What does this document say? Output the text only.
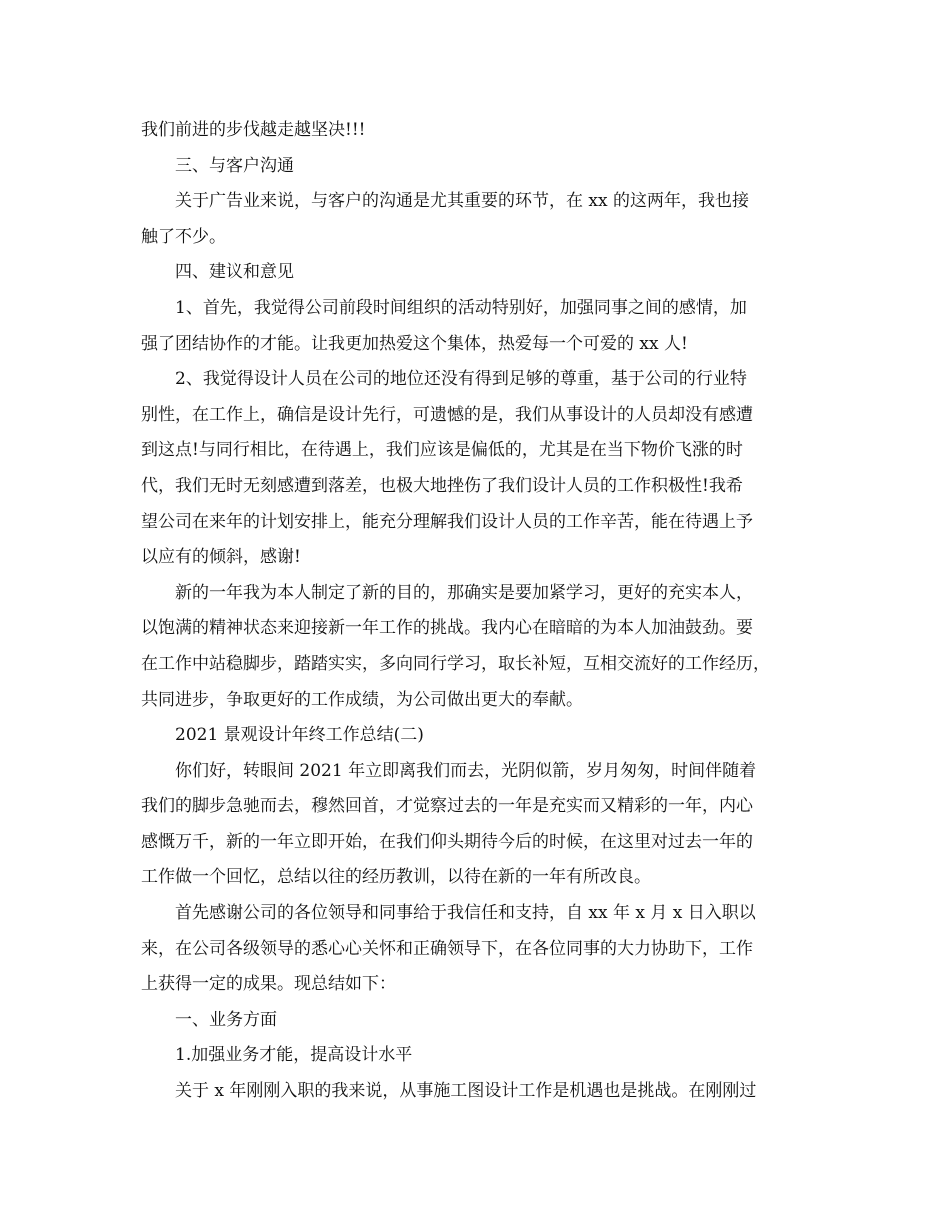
我们前进的步伐越走越坚决!!!
三、与客户沟通
关于广告业来说，与客户的沟通是尤其重要的环节，在 xx 的这两年，我也接
触了不少。
四、建议和意见
1、首先，我觉得公司前段时间组织的活动特别好，加强同事之间的感情，加
强了团结协作的才能。让我更加热爱这个集体，热爱每一个可爱的 xx 人!
2、我觉得设计人员在公司的地位还没有得到足够的尊重，基于公司的行业特
别性，在工作上，确信是设计先行，可遗憾的是，我们从事设计的人员却没有感遭
到这点!与同行相比，在待遇上，我们应该是偏低的，尤其是在当下物价飞涨的时
代，我们无时无刻感遭到落差，也极大地挫伤了我们设计人员的工作积极性!我希
望公司在来年的计划安排上，能充分理解我们设计人员的工作辛苦，能在待遇上予
以应有的倾斜，感谢!
新的一年我为本人制定了新的目的，那确实是要加紧学习，更好的充实本人，
以饱满的精神状态来迎接新一年工作的挑战。我内心在暗暗的为本人加油鼓劲。要
在工作中站稳脚步，踏踏实实，多向同行学习，取长补短，互相交流好的工作经历，
共同进步，争取更好的工作成绩，为公司做出更大的奉献。
2021 景观设计年终工作总结(二)
你们好，转眼间 2021 年立即离我们而去，光阴似箭，岁月匆匆，时间伴随着
我们的脚步急驰而去，穆然回首，才觉察过去的一年是充实而又精彩的一年，内心
感慨万千，新的一年立即开始，在我们仰头期待今后的时候，在这里对过去一年的
工作做一个回忆，总结以往的经历教训，以待在新的一年有所改良。
首先感谢公司的各位领导和同事给于我信任和支持，自 xx 年 x 月 x 日入职以
来，在公司各级领导的悉心心关怀和正确领导下，在各位同事的大力协助下，工作
上获得一定的成果。现总结如下：
一、业务方面
1.加强业务才能，提高设计水平
关于 x 年刚刚入职的我来说，从事施工图设计工作是机遇也是挑战。在刚刚过
